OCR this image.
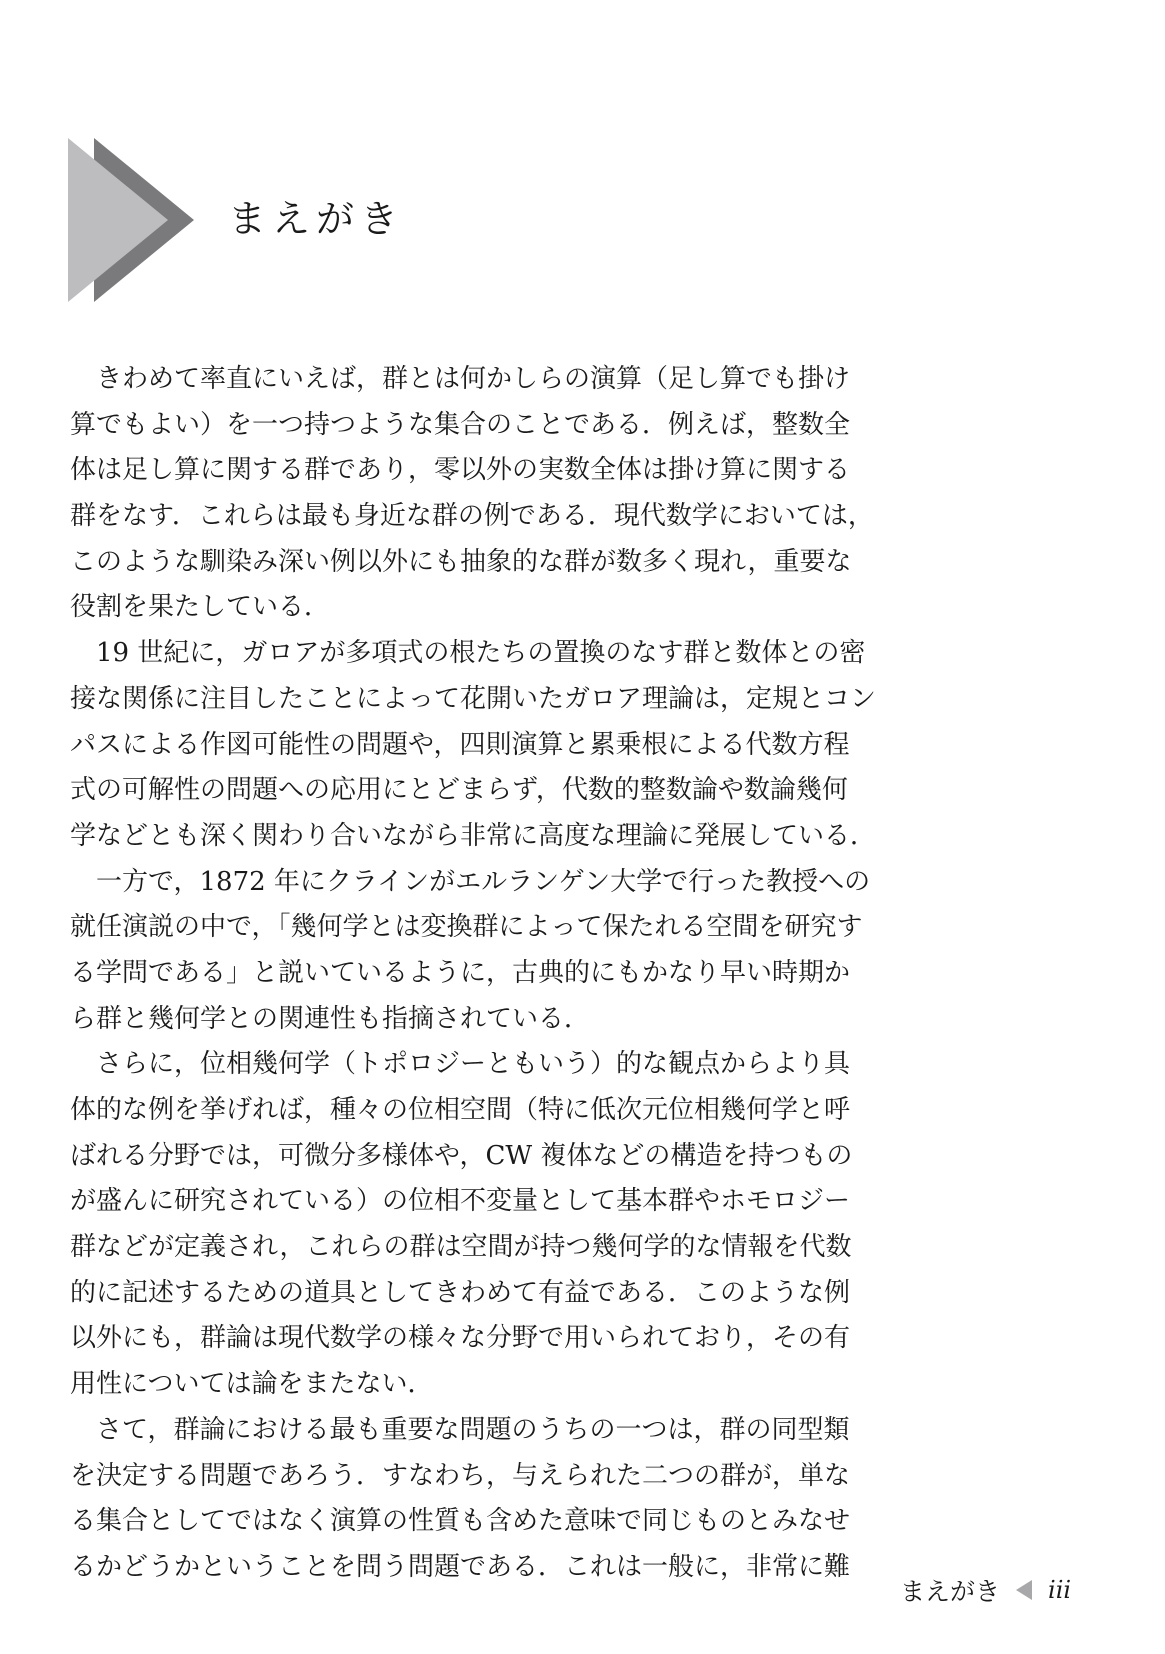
まえがき
　きわめて率直にいえば，群とは何かしらの演算（足し算でも掛け
算でもよい）を一つ持つような集合のことである．例えば，整数全
体は足し算に関する群であり，零以外の実数全体は掛け算に関する
群をなす．これらは最も身近な群の例である．現代数学においては，
このような馴染み深い例以外にも抽象的な群が数多く現れ，重要な
役割を果たしている．
　19 世紀に，ガロアが多項式の根たちの置換のなす群と数体との密
接な関係に注目したことによって花開いたガロア理論は，定規とコン
パスによる作図可能性の問題や，四則演算と累乗根による代数方程
式の可解性の問題への応用にとどまらず，代数的整数論や数論幾何
学などとも深く関わり合いながら非常に高度な理論に発展している．
　一方で，1872 年にクラインがエルランゲン大学で行った教授への
就任演説の中で，「幾何学とは変換群によって保たれる空間を研究す
る学問である」と説いているように，古典的にもかなり早い時期か
ら群と幾何学との関連性も指摘されている．
　さらに，位相幾何学（トポロジーともいう）的な観点からより具
体的な例を挙げれば，種々の位相空間（特に低次元位相幾何学と呼
ばれる分野では，可微分多様体や，CW 複体などの構造を持つもの
が盛んに研究されている）の位相不変量として基本群やホモロジー
群などが定義され，これらの群は空間が持つ幾何学的な情報を代数
的に記述するための道具としてきわめて有益である．このような例
以外にも，群論は現代数学の様々な分野で用いられており，その有
用性については論をまたない．
　さて，群論における最も重要な問題のうちの一つは，群の同型類
を決定する問題であろう．すなわち，与えられた二つの群が，単な
る集合としてではなく演算の性質も含めた意味で同じものとみなせ
るかどうかということを問う問題である．これは一般に，非常に難
まえがき iii
